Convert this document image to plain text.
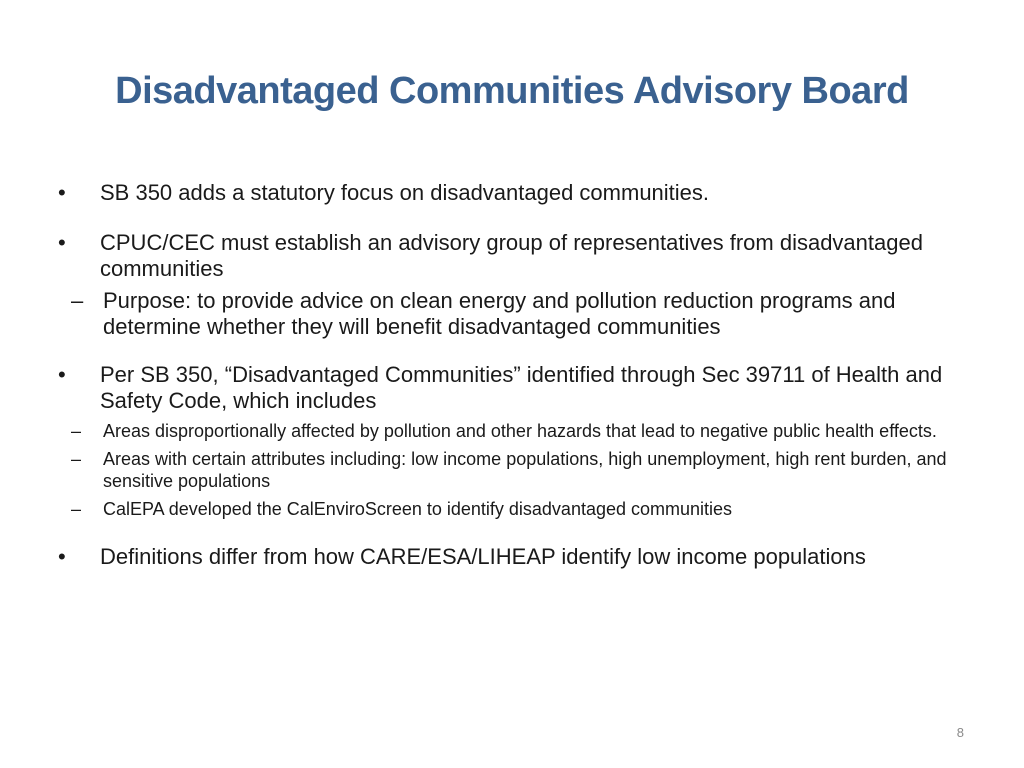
Disadvantaged Communities Advisory Board
•	SB 350 adds a statutory focus on disadvantaged communities.
•	CPUC/CEC must establish an advisory group of representatives from disadvantaged communities
– Purpose: to provide advice on clean energy and pollution reduction programs and determine whether they will benefit disadvantaged communities
•	Per SB 350, “Disadvantaged Communities” identified through Sec 39711 of Health and Safety Code, which includes
– Areas disproportionally affected by pollution and other hazards that lead to negative public health effects.
– Areas with certain attributes including: low income populations, high unemployment, high rent burden, and sensitive populations
– CalEPA developed the CalEnviroScreen to identify disadvantaged communities
•	Definitions differ from how CARE/ESA/LIHEAP identify low income populations
8
